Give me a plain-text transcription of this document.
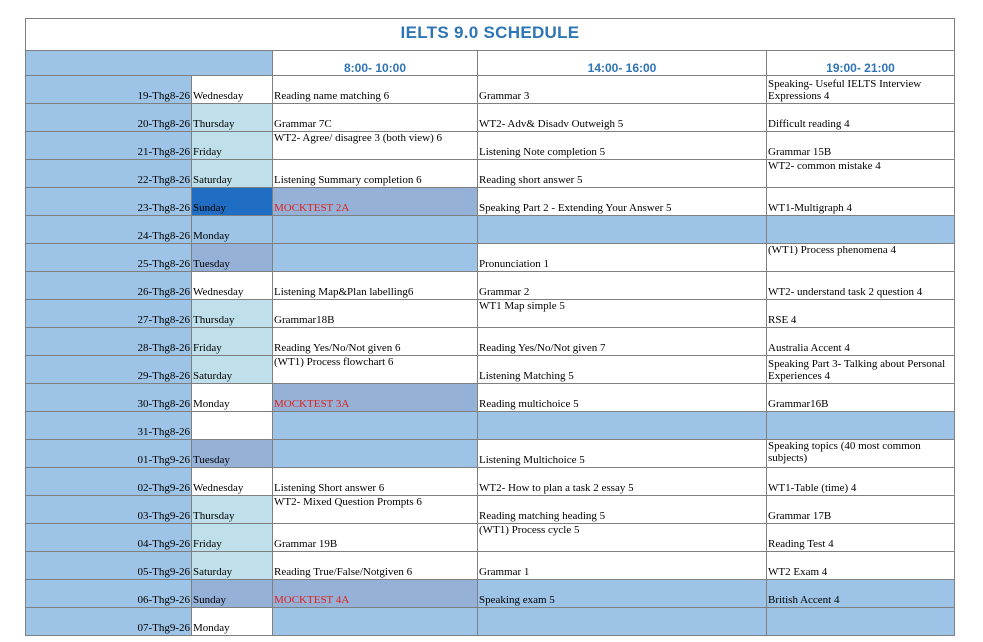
IELTS 9.0 SCHEDULE				
		8:00- 10:00	14:00- 16:00	19:00- 21:00
19-Thg8-26	Wednesday	Reading name matching 6	Grammar 3	Speaking- Useful IELTS Interview Expressions 4
20-Thg8-26	Thursday	Grammar 7C	WT2- Adv& Disadv Outweigh 5	Difficult reading 4
21-Thg8-26	Friday	WT2- Agree/ disagree 3 (both view) 6	Listening Note completion 5	Grammar 15B
22-Thg8-26	Saturday	Listening Summary completion 6	Reading short answer 5	WT2- common mistake 4
23-Thg8-26	Sunday	MOCKTEST 2A	Speaking Part 2 - Extending Your Answer 5	WT1-Multigraph 4
24-Thg8-26	Monday			
25-Thg8-26	Tuesday		Pronunciation 1	(WT1) Process phenomena 4
26-Thg8-26	Wednesday	Listening Map&Plan labelling6	Grammar 2	WT2- understand task 2 question 4
27-Thg8-26	Thursday	Grammar18B	WT1 Map simple 5	RSE 4
28-Thg8-26	Friday	Reading Yes/No/Not given 6	Reading Yes/No/Not given 7	Australia Accent 4
29-Thg8-26	Saturday	(WT1) Process flowchart 6	Listening Matching 5	Speaking Part 3- Talking about Personal Experiences 4
30-Thg8-26	Monday	MOCKTEST 3A	Reading multichoice 5	Grammar16B
31-Thg8-26				
01-Thg9-26	Tuesday		Listening Multichoice 5	Speaking topics (40 most common subjects)
02-Thg9-26	Wednesday	Listening Short answer 6	WT2- How to plan a task 2 essay 5	WT1-Table (time) 4
03-Thg9-26	Thursday	WT2- Mixed Question Prompts 6	Reading matching heading 5	Grammar 17B
04-Thg9-26	Friday	Grammar 19B	(WT1) Process cycle 5	Reading Test 4
05-Thg9-26	Saturday	Reading True/False/Notgiven 6	Grammar 1	WT2 Exam 4
06-Thg9-26	Sunday	MOCKTEST 4A	Speaking exam 5	British Accent 4
07-Thg9-26	Monday			
